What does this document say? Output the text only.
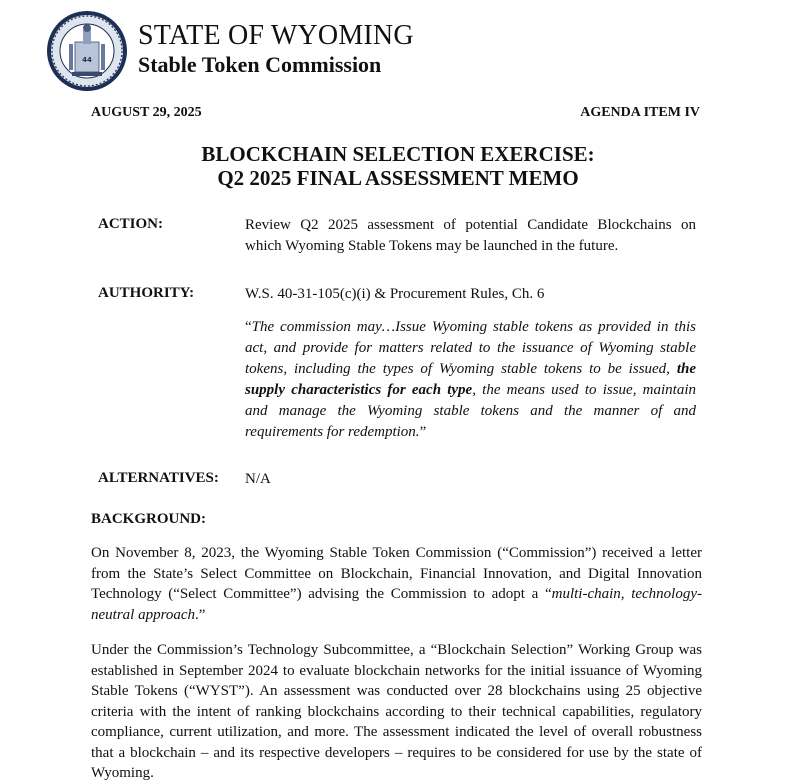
44
STATE OF WYOMING
Stable Token Commission
AUGUST 29, 2025	AGENDA ITEM IV
BLOCKCHAIN SELECTION EXERCISE:
Q2 2025 FINAL ASSESSMENT MEMO
ACTION:	Review Q2 2025 assessment of potential Candidate Blockchains on
which Wyoming Stable Tokens may be launched in the future.
AUTHORITY:	W.S. 40-31-105(c)(i) & Procurement Rules, Ch. 6
“The commission may…Issue Wyoming stable tokens as provided in this act, and provide for matters related to the issuance of Wyoming stable tokens, including the types of Wyoming stable tokens to be issued, the supply characteristics for each type, the means used to issue, maintain and manage the Wyoming stable tokens and the manner of and requirements for redemption.”
ALTERNATIVES: N/A
BACKGROUND:
On November 8, 2023, the Wyoming Stable Token Commission (“Commission”) received a letter from the State’s Select Committee on Blockchain, Financial Innovation, and Digital Innovation Technology (“Select Committee”) advising the Commission to adopt a “multi-chain, technology-neutral approach.”
Under the Commission’s Technology Subcommittee, a “Blockchain Selection” Working Group was established in September 2024 to evaluate blockchain networks for the initial issuance of Wyoming Stable Tokens (“WYST”). An assessment was conducted over 28 blockchains using 25 objective criteria with the intent of ranking blockchains according to their technical capabilities, regulatory compliance, current utilization, and more. The assessment indicated the level of overall robustness that a blockchain – and its respective developers – requires to be considered for use by the state of Wyoming.
